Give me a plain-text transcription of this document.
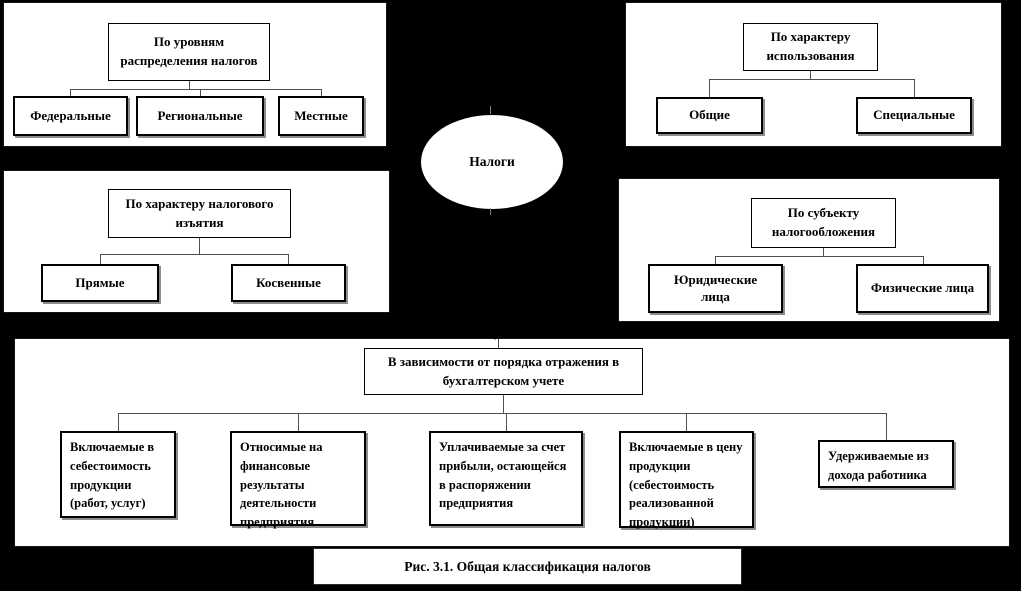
По уровням распределения налогов
Федеральные	Региональные	Местные
По характеру использования
Общие	Специальные
По характеру налогового изъятия
Прямые	Косвенные
По субъекту налогообложения
Юридические лица
Физические лица
Налоги
В зависимости от порядка отражения в бухгалтерском учете
Включаемые в себестоимость продукции (работ, услуг)
Относимые на финансовые результаты деятельности предприятия
Уплачиваемые за счет прибыли, остающейся в распоряжении предприятия
Включаемые в цену продукции (себестоимость реализованной продукции)
Удерживаемые из дохода работника
Рис. 3.1. Общая классификация налогов
